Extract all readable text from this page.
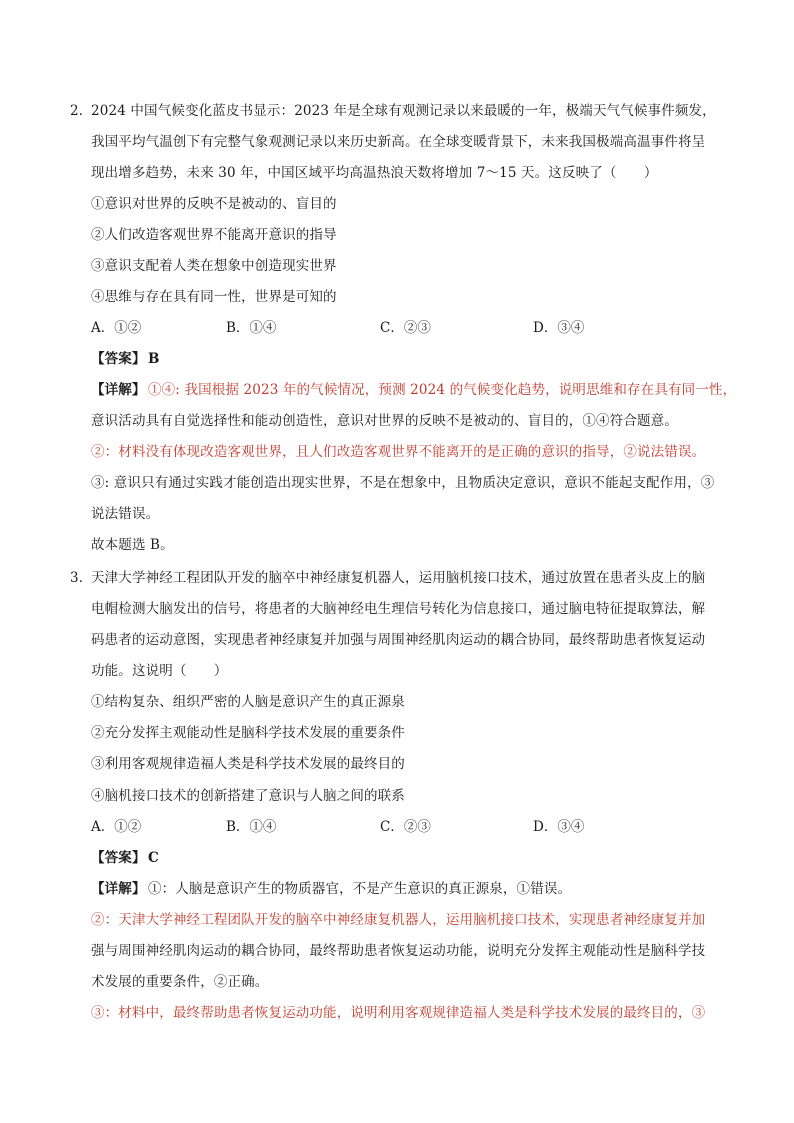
2．
2024 中国气候变化蓝皮书显示：2023 年是全球有观测记录以来最暖的一年，极端天气气候事件频发，
我国平均气温创下有完整气象观测记录以来历史新高。在全球变暖背景下，未来我国极端高温事件将呈
现出增多趋势，未来 30 年，中国区域平均高温热浪天数将增加 7～15 天。这反映了（　　）
①意识对世界的反映不是被动的、盲目的
②人们改造客观世界不能离开意识的指导
③意识支配着人类在想象中创造现实世界
④思维与存在具有同一性，世界是可知的
A．①②	B．①④	C．②③	D．③④
【答案】 B
【详解】 ①④: 我国根据 2023 年的气候情况，预测 2024 的气候变化趋势，说明思维和存在具有同一性，
意识活动具有自觉选择性和能动创造性，意识对世界的反映不是被动的、盲目的，①④符合题意。
②：材料没有体现改造客观世界，且人们改造客观世界不能离开的是正确的意识的指导，②说法错误。
③: 意识只有通过实践才能创造出现实世界，不是在想象中，且物质决定意识，意识不能起支配作用，③
说法错误。
故本题选 B。
3．
天津大学神经工程团队开发的脑卒中神经康复机器人，运用脑机接口技术，通过放置在患者头皮上的脑
电帽检测大脑发出的信号，将患者的大脑神经电生理信号转化为信息接口，通过脑电特征提取算法，解
码患者的运动意图，实现患者神经康复并加强与周围神经肌肉运动的耦合协同，最终帮助患者恢复运动
功能。这说明（　　）
①结构复杂、组织严密的人脑是意识产生的真正源泉
②充分发挥主观能动性是脑科学技术发展的重要条件
③利用客观规律造福人类是科学技术发展的最终目的
④脑机接口技术的创新搭建了意识与人脑之间的联系
A．①②	B．①④	C．②③	D．③④
【答案】 C
【详解】 ①：人脑是意识产生的物质器官，不是产生意识的真正源泉，①错误。
②：天津大学神经工程团队开发的脑卒中神经康复机器人，运用脑机接口技术，实现患者神经康复并加
强与周围神经肌肉运动的耦合协同，最终帮助患者恢复运动功能，说明充分发挥主观能动性是脑科学技
术发展的重要条件，②正确。
③：材料中，最终帮助患者恢复运动功能，说明利用客观规律造福人类是科学技术发展的最终目的，③
